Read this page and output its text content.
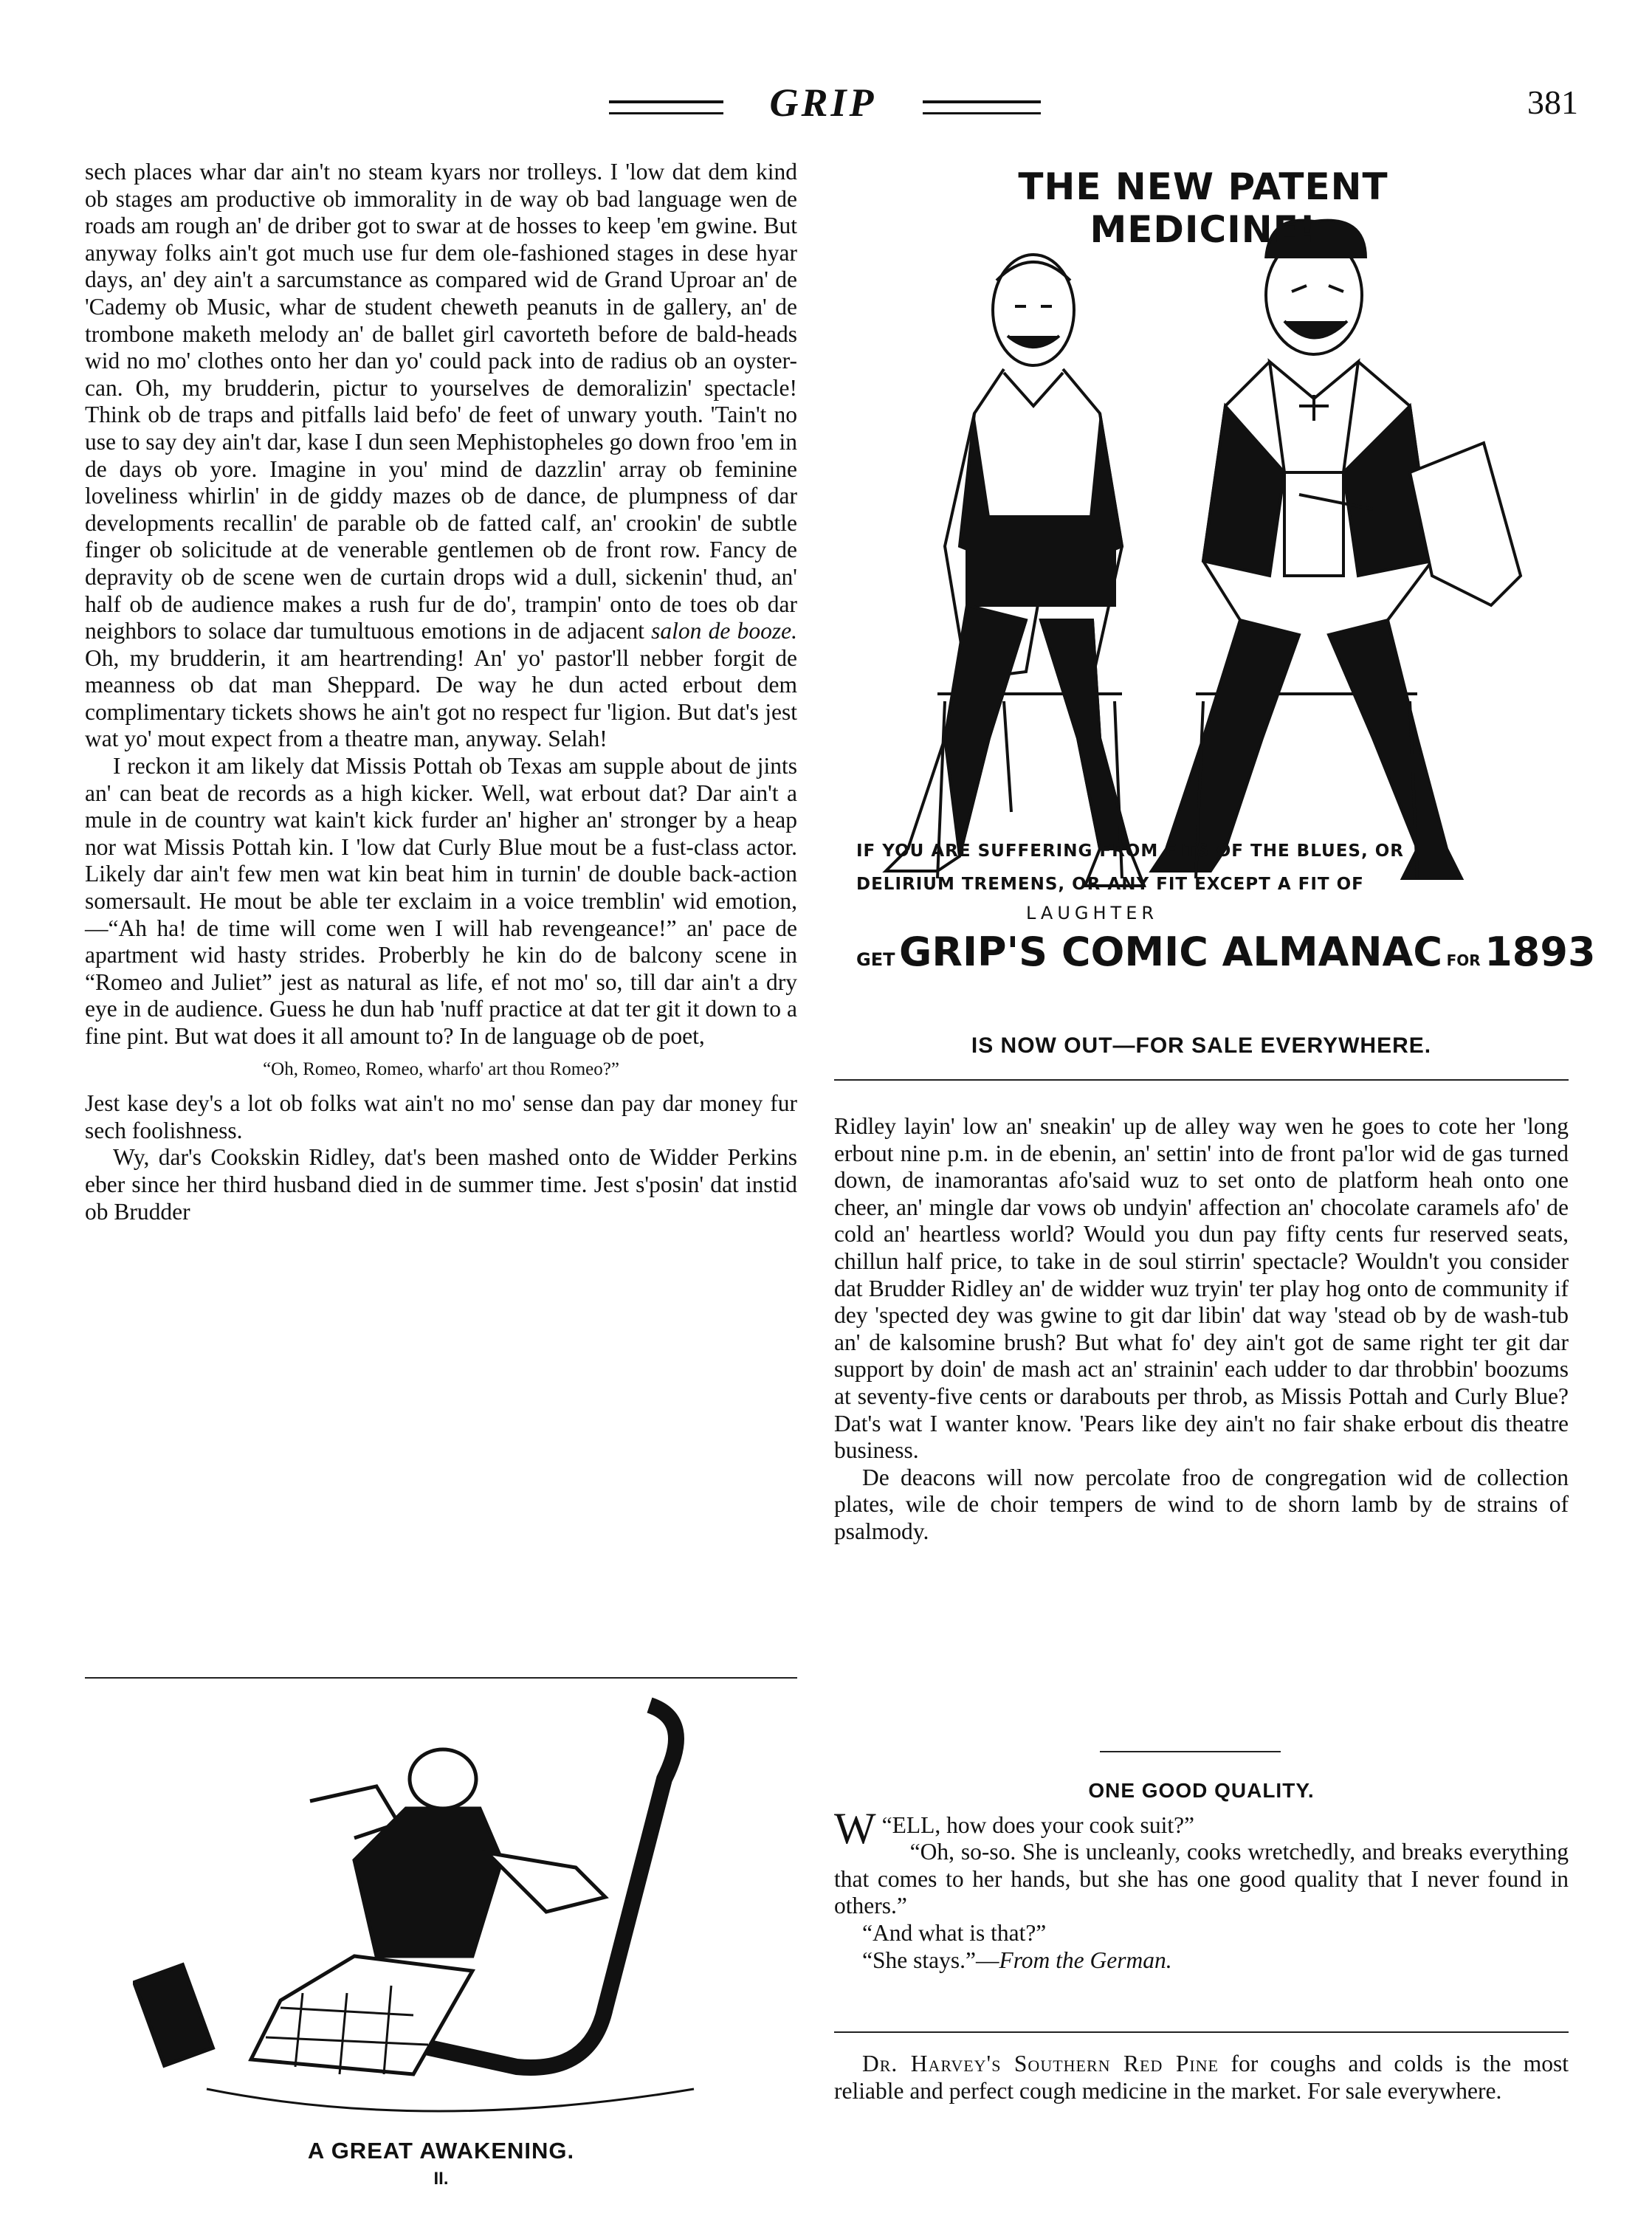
GRIP	381

sech places whar dar ain't no steam kyars nor trolleys. I 'low dat dem kind ob stages am productive ob immorality in de way ob bad language wen de roads am rough an' de driber got to swar at de hosses to keep 'em gwine. But anyway folks ain't got much use fur dem ole-fashioned stages in dese hyar days, an' dey ain't a sarcumstance as compared wid de Grand Uproar an' de 'Cademy ob Music, whar de student cheweth peanuts in de gallery, an' de trombone maketh melody an' de ballet girl cavorteth before de bald-heads wid no mo' clothes onto her dan yo' could pack into de radius ob an oyster-can. Oh, my brudderin, pictur to yourselves de demoralizin' spectacle! Think ob de traps and pitfalls laid befo' de feet of unwary youth. 'Tain't no use to say dey ain't dar, kase I dun seen Mephistopheles go down froo 'em in de days ob yore. Imagine in you' mind de dazzlin' array ob feminine loveliness whirlin' in de giddy mazes ob de dance, de plumpness of dar developments recallin' de parable ob de fatted calf, an' crookin' de subtle finger ob solicitude at de venerable gentlemen ob de front row. Fancy de depravity ob de scene wen de curtain drops wid a dull, sickenin' thud, an' half ob de audience makes a rush fur de do', trampin' onto de toes ob dar neighbors to solace dar tumultuous emotions in de adjacent salon de booze. Oh, my brudderin, it am heartrending! An' yo' pastor'll nebber forgit de meanness ob dat man Sheppard. De way he dun acted erbout dem complimentary tickets shows he ain't got no respect fur 'ligion. But dat's jest wat yo' mout expect from a theatre man, anyway. Selah!

I reckon it am likely dat Missis Pottah ob Texas am supple about de jints an' can beat de records as a high kicker. Well, wat erbout dat? Dar ain't a mule in de country wat kain't kick furder an' higher an' stronger by a heap nor wat Missis Pottah kin. I 'low dat Curly Blue mout be a fust-class actor. Likely dar ain't few men wat kin beat him in turnin' de double back-action somersault. He mout be able ter exclaim in a voice tremblin' wid emotion,—“Ah ha! de time will come wen I will hab revengeance!” an' pace de apartment wid hasty strides. Proberbly he kin do de balcony scene in “Romeo and Juliet” jest as natural as life, ef not mo' so, till dar ain't a dry eye in de audience. Guess he dun hab 'nuff practice at dat ter git it down to a fine pint. But wat does it all amount to? In de language ob de poet,

“Oh, Romeo, Romeo, wharfo' art thou Romeo?”

Jest kase dey's a lot ob folks wat ain't no mo' sense dan pay dar money fur sech foolishness.

Wy, dar's Cookskin Ridley, dat's been mashed onto de Widder Perkins eber since her third husband died in de summer time. Jest s'posin' dat instid ob Brudder

THE NEW PATENT MEDICINE!
IF YOU ARE SUFFERING FROM FITS OF THE BLUES, OR
DELIRIUM TREMENS, OR ANY FIT EXCEPT A FIT OF
LAUGHTER
GET GRIP'S COMIC ALMANAC FOR 1893
IS NOW OUT—FOR SALE EVERYWHERE.

Ridley layin' low an' sneakin' up de alley way wen he goes to cote her 'long erbout nine p.m. in de ebenin, an' settin' into de front pa'lor wid de gas turned down, de inamorantas afo'said wuz to set onto de platform heah onto one cheer, an' mingle dar vows ob undyin' affection an' chocolate caramels afo' de cold an' heartless world? Would you dun pay fifty cents fur reserved seats, chillun half price, to take in de soul stirrin' spectacle? Wouldn't you consider dat Brudder Ridley an' de widder wuz tryin' ter play hog onto de community if dey 'spected dey was gwine to git dar libin' dat way 'stead ob by de wash-tub an' de kalsomine brush? But what fo' dey ain't got de same right ter git dar support by doin' de mash act an' strainin' each udder to dar throbbin' boozums at seventy-five cents or darabouts per throb, as Missis Pottah and Curly Blue? Dat's wat I wanter know. 'Pears like dey ain't no fair shake erbout dis theatre business.

De deacons will now percolate froo de congregation wid de collection plates, wile de choir tempers de wind to de shorn lamb by de strains of psalmody.

ONE GOOD QUALITY.

“
W ELL, how does your cook suit?”

“Oh, so-so. She is uncleanly, cooks wretchedly, and breaks everything that comes to her hands, but she has one good quality that I never found in others.”

“And what is that?”

“She stays.”—From the German.

Dr. Harvey's Southern Red Pine for coughs and colds is the most reliable and perfect cough medicine in the market. For sale everywhere.

A GREAT AWAKENING.
II.
